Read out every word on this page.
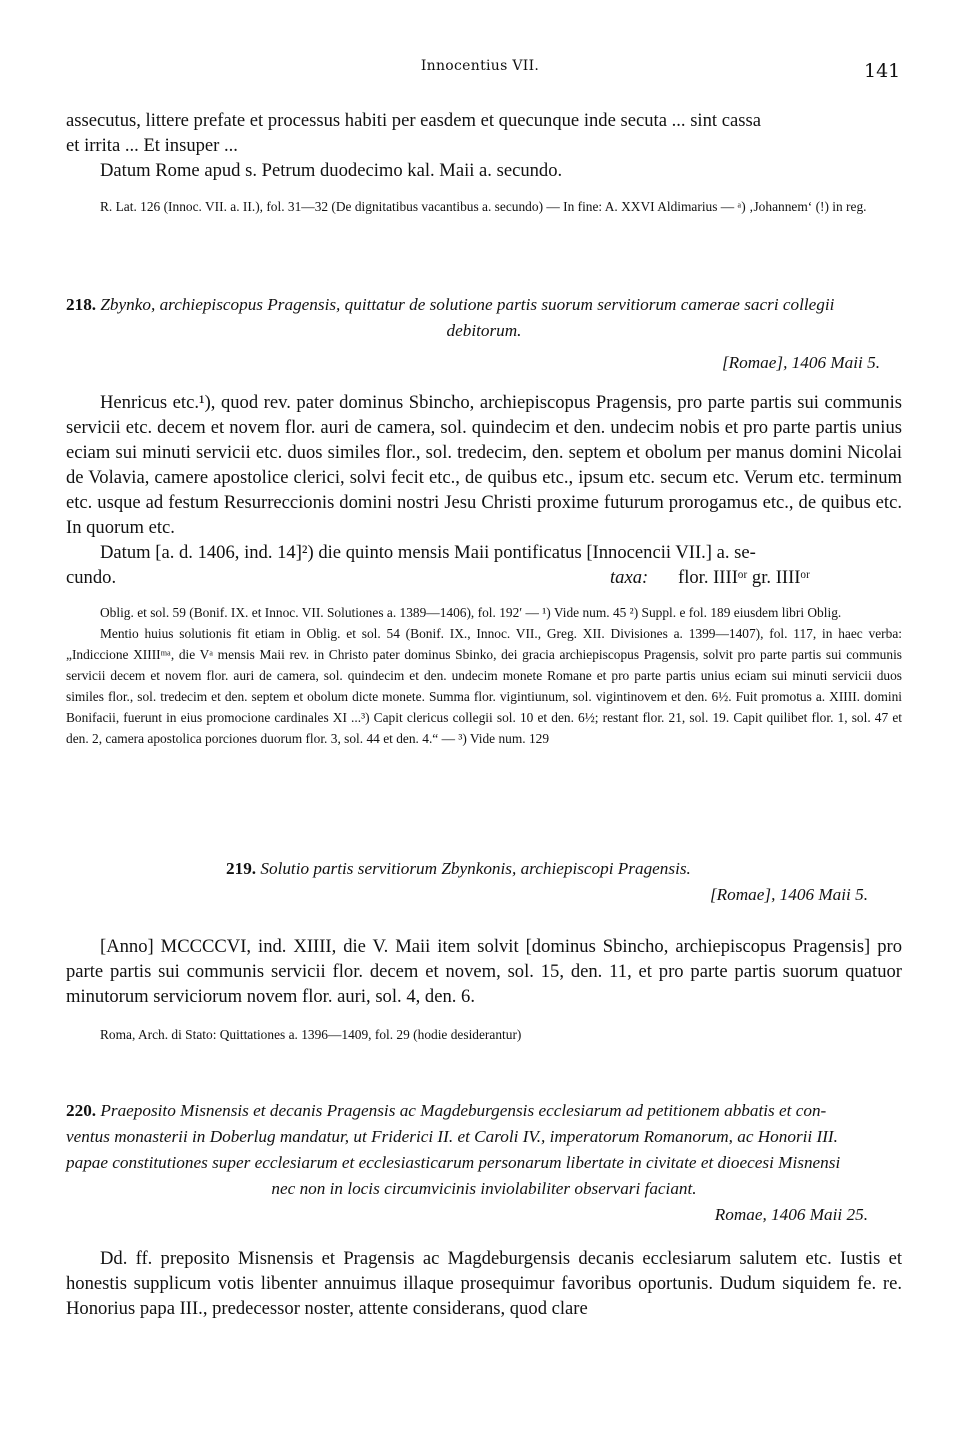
Innocentius VII.	141

assecutus, littere prefate et processus habiti per easdem et quecunque inde secuta ... sint cassa

et irrita ... Et insuper ...

Datum Rome apud s. Petrum duodecimo kal. Maii a. secundo.

R. Lat. 126 (Innoc. VII. a. II.), fol. 31—32 (De dignitatibus vacantibus a. secundo) — In fine: A. XXVI Aldimarius — ᵃ) ‚Johannem‘ (!) in reg.

218. Zbynko, archiepiscopus Pragensis, quittatur de solutione partis suorum servitiorum camerae sacri collegii

debitorum.

[Romae], 1406 Maii 5.

Henricus etc.¹), quod rev. pater dominus Sbincho, archiepiscopus Pragensis, pro parte partis sui communis servicii etc. decem et novem flor. auri de camera, sol. quindecim et den. undecim nobis et pro parte partis unius eciam sui minuti servicii etc. duos similes flor., sol. tredecim, den. septem et obolum per manus domini Nicolai de Volavia, camere apostolice clerici, solvi fecit etc., de quibus etc., ipsum etc. secum etc. Verum etc. terminum etc. usque ad festum Resurreccionis domini nostri Jesu Christi proxime futurum prorogamus etc., de quibus etc. In quorum etc.

Datum [a. d. 1406, ind. 14]²) die quinto mensis Maii pontificatus [Innocencii VII.] a. se-

cundo.	taxa: flor. IIIIᵒʳ gr. IIIIᵒʳ

Oblig. et sol. 59 (Bonif. IX. et Innoc. VII. Solutiones a. 1389—1406), fol. 192′ — ¹) Vide num. 45 ²) Suppl. e fol. 189 eiusdem libri Oblig.

Mentio huius solutionis fit etiam in Oblig. et sol. 54 (Bonif. IX., Innoc. VII., Greg. XII. Divisiones a. 1399—1407), fol. 117, in haec verba: „Indiccione XIIIIᵐᵃ, die Vᵃ mensis Maii rev. in Christo pater dominus Sbinko, dei gracia archiepiscopus Pragensis, solvit pro parte partis sui communis servicii decem et novem flor. auri de camera, sol. quindecim et den. undecim monete Romane et pro parte partis unius eciam sui minuti servicii duos similes flor., sol. tredecim et den. septem et obolum dicte monete. Summa flor. vigintiunum, sol. vigintinovem et den. 6½. Fuit promotus a. XIIII. domini Bonifacii, fuerunt in eius promocione cardinales XI ...³) Capit clericus collegii sol. 10 et den. 6½; restant flor. 21, sol. 19. Capit quilibet flor. 1, sol. 47 et den. 2, camera apostolica porciones duorum flor. 3, sol. 44 et den. 4.“ — ³) Vide num. 129

219. Solutio partis servitiorum Zbynkonis, archiepiscopi Pragensis.

[Romae], 1406 Maii 5.

[Anno] MCCCCVI, ind. XIIII, die V. Maii item solvit [dominus Sbincho, archiepiscopus Pragensis] pro parte partis sui communis servicii flor. decem et novem, sol. 15, den. 11, et pro parte partis suorum quatuor minutorum serviciorum novem flor. auri, sol. 4, den. 6.

Roma, Arch. di Stato: Quittationes a. 1396—1409, fol. 29 (hodie desiderantur)

220. Praeposito Misnensis et decanis Pragensis ac Magdeburgensis ecclesiarum ad petitionem abbatis et con-

ventus monasterii in Doberlug mandatur, ut Friderici II. et Caroli IV., imperatorum Romanorum, ac Honorii III.

papae constitutiones super ecclesiarum et ecclesiasticarum personarum libertate in civitate et dioecesi Misnensi

nec non in locis circumvicinis inviolabiliter observari faciant.

Romae, 1406 Maii 25.

Dd. ff. preposito Misnensis et Pragensis ac Magdeburgensis decanis ecclesiarum salutem etc. Iustis et honestis supplicum votis libenter annuimus illaque prosequimur favoribus oportunis. Dudum siquidem fe. re. Honorius papa III., predecessor noster, attente considerans, quod clare
